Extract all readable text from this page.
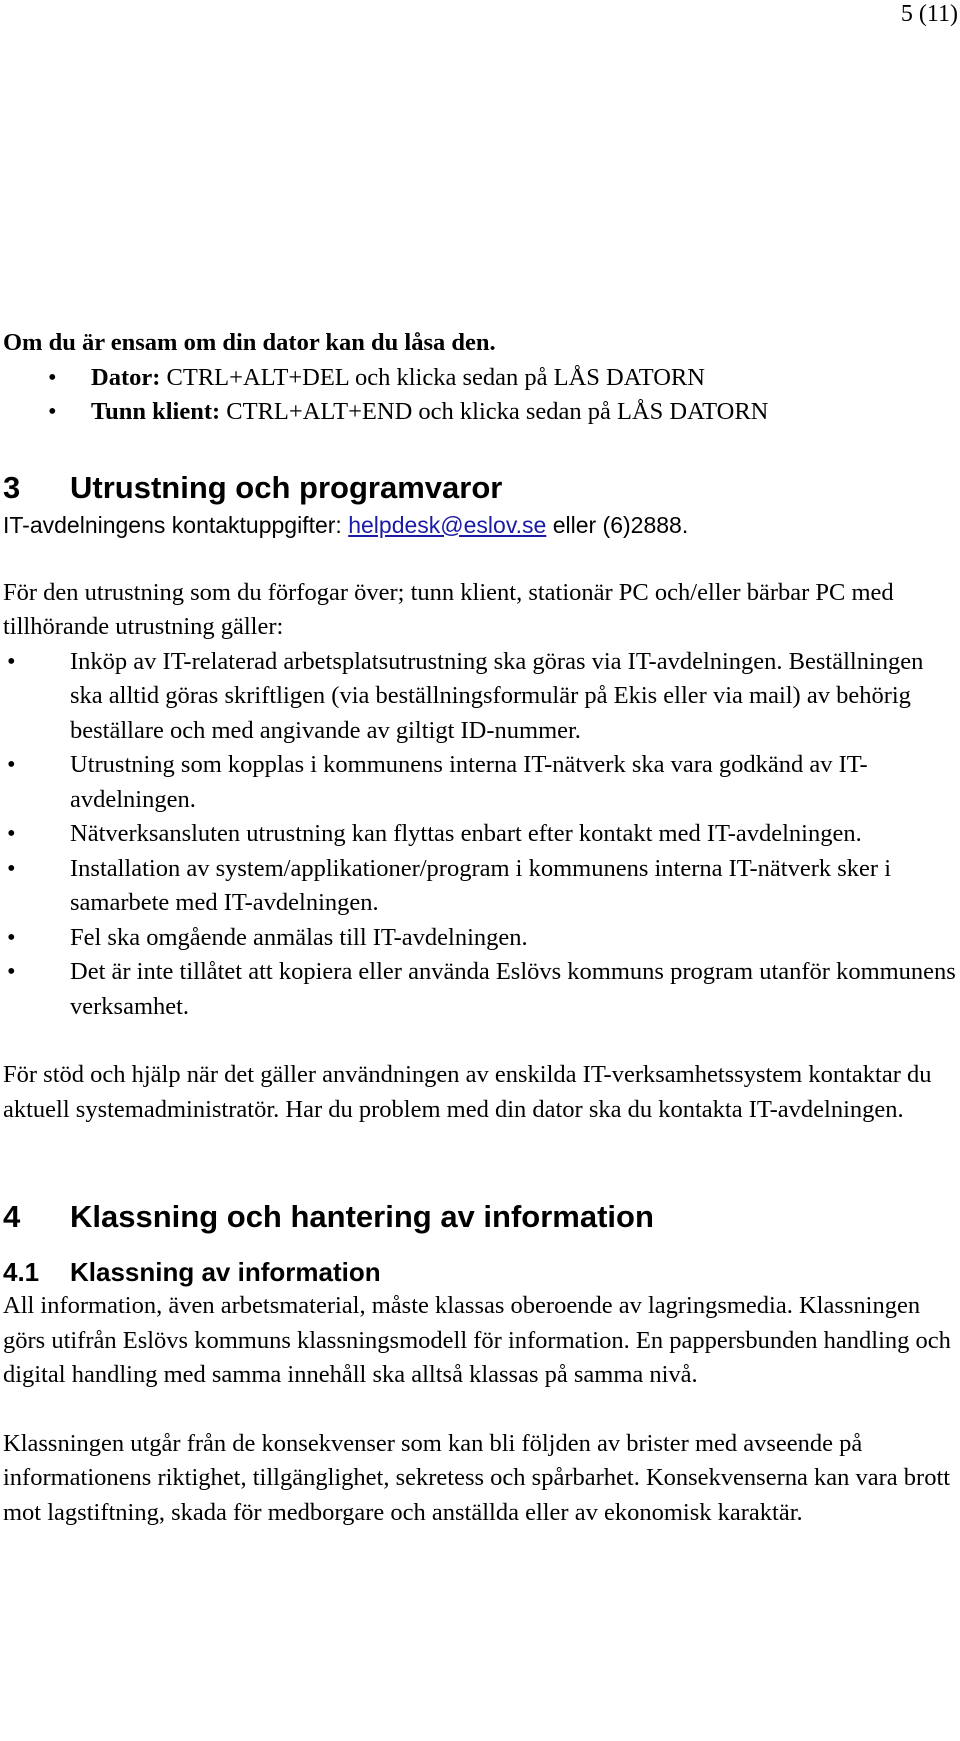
5 (11)

Om du är ensam om din dator kan du låsa den.

• Dator: CTRL+ALT+DEL och klicka sedan på LÅS DATORN
• Tunn klient: CTRL+ALT+END och klicka sedan på LÅS DATORN
3 Utrustning och programvaror

IT-avdelningens kontaktuppgifter: helpdesk@eslov.se eller (6)2888.

För den utrustning som du förfogar över; tunn klient, stationär PC och/eller bärbar PC med tillhörande utrustning gäller:

• Inköp av IT-relaterad arbetsplatsutrustning ska göras via IT-avdelningen. Beställningen ska alltid göras skriftligen (via beställningsformulär på Ekis eller via mail) av behörig beställare och med angivande av giltigt ID-nummer.
• Utrustning som kopplas i kommunens interna IT-nätverk ska vara godkänd av IT-avdelningen.
• Nätverksansluten utrustning kan flyttas enbart efter kontakt med IT-avdelningen.
• Installation av system/applikationer/program i kommunens interna IT-nätverk sker i samarbete med IT-avdelningen.
• Fel ska omgående anmälas till IT-avdelningen.
• Det är inte tillåtet att kopiera eller använda Eslövs kommuns program utanför kommunens verksamhet.

För stöd och hjälp när det gäller användningen av enskilda IT-verksamhetssystem kontaktar du aktuell systemadministratör. Har du problem med din dator ska du kontakta IT-avdelningen.

4 Klassning och hantering av information
4.1 Klassning av information

All information, även arbetsmaterial, måste klassas oberoende av lagringsmedia. Klassningen görs utifrån Eslövs kommuns klassningsmodell för information. En pappersbunden handling och digital handling med samma innehåll ska alltså klassas på samma nivå.

Klassningen utgår från de konsekvenser som kan bli följden av brister med avseende på informationens riktighet, tillgänglighet, sekretess och spårbarhet. Konsekvenserna kan vara brott mot lagstiftning, skada för medborgare och anställda eller av ekonomisk karaktär.
